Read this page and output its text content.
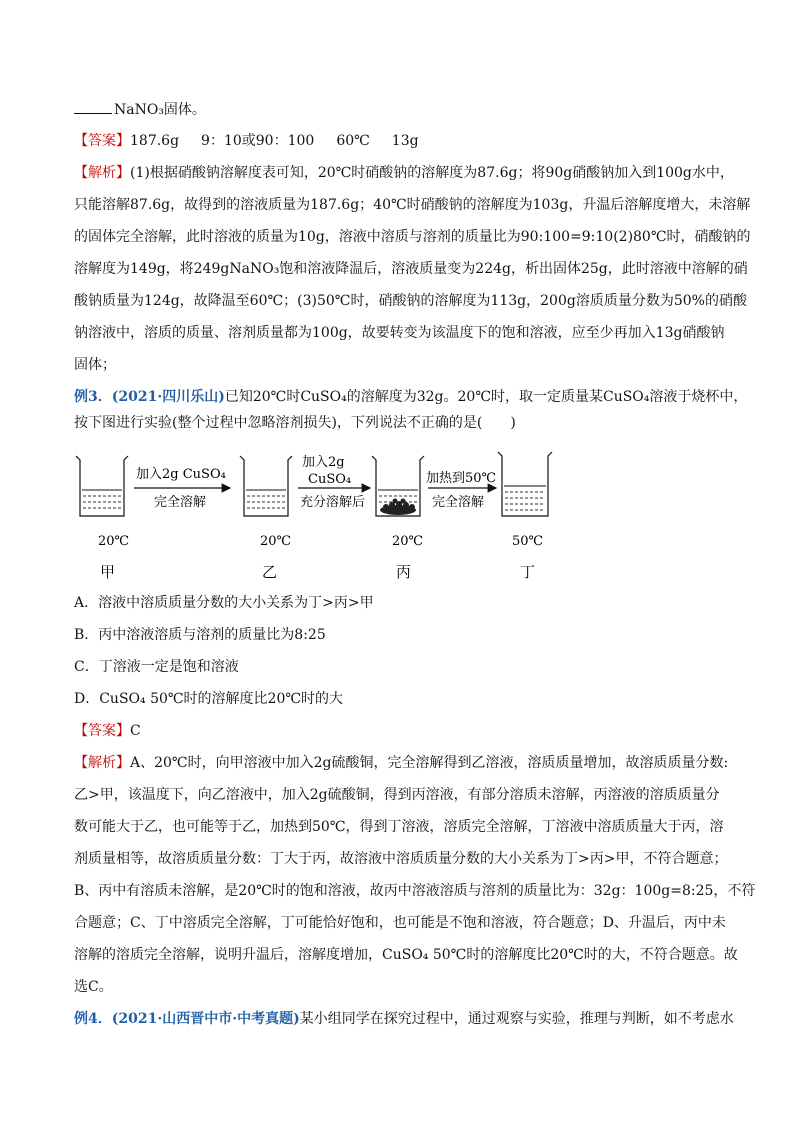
NaNO₃固体。
【答案】187.6g 9：10或90：100 60℃ 13g
【解析】(1)根据硝酸钠溶解度表可知，20℃时硝酸钠的溶解度为87.6g；将90g硝酸钠加入到100g水中，
只能溶解87.6g，故得到的溶液质量为187.6g；40℃时硝酸钠的溶解度为103g，升温后溶解度增大，未溶解
的固体完全溶解，此时溶液的质量为10g，溶液中溶质与溶剂的质量比为90:100=9:10(2)80℃时，硝酸钠的
溶解度为149g，将249gNaNO₃饱和溶液降温后，溶液质量变为224g，析出固体25g，此时溶液中溶解的硝
酸钠质量为124g，故降温至60℃；(3)50℃时，硝酸钠的溶解度为113g，200g溶质质量分数为50%的硝酸
钠溶液中，溶质的质量、溶剂质量都为100g，故要转变为该温度下的饱和溶液，应至少再加入13g硝酸钠
固体；
例3．(2021·四川乐山)已知20℃时CuSO₄的溶解度为32g。20℃时，取一定质量某CuSO₄溶液于烧杯中，
按下图进行实验(整个过程中忽略溶剂损失)，下列说法不正确的是(　　)
加入2g CuSO₄
完全溶解
加入2g
CuSO₄
充分溶解后
加热到50℃
完全溶解
20℃	20℃	20℃	50℃
甲	乙	丙	丁
A．溶液中溶质质量分数的大小关系为丁>丙>甲
B．丙中溶液溶质与溶剂的质量比为8:25
C．丁溶液一定是饱和溶液
D．CuSO₄ 50℃时的溶解度比20℃时的大
【答案】C
【解析】A、20℃时，向甲溶液中加入2g硫酸铜，完全溶解得到乙溶液，溶质质量增加，故溶质质量分数:
乙>甲，该温度下，向乙溶液中，加入2g硫酸铜，得到丙溶液，有部分溶质未溶解，丙溶液的溶质质量分
数可能大于乙，也可能等于乙，加热到50℃，得到丁溶液，溶质完全溶解，丁溶液中溶质质量大于丙，溶
剂质量相等，故溶质质量分数：丁大于丙，故溶液中溶质质量分数的大小关系为丁>丙>甲，不符合题意；
B、丙中有溶质未溶解，是20℃时的饱和溶液，故丙中溶液溶质与溶剂的质量比为：32g：100g=8:25，不符
合题意；C、丁中溶质完全溶解，丁可能恰好饱和，也可能是不饱和溶液，符合题意；D、升温后，丙中未
溶解的溶质完全溶解，说明升温后，溶解度增加，CuSO₄ 50℃时的溶解度比20℃时的大，不符合题意。故
选C。
例4．(2021·山西晋中市·中考真题)某小组同学在探究过程中，通过观察与实验，推理与判断，如不考虑水
